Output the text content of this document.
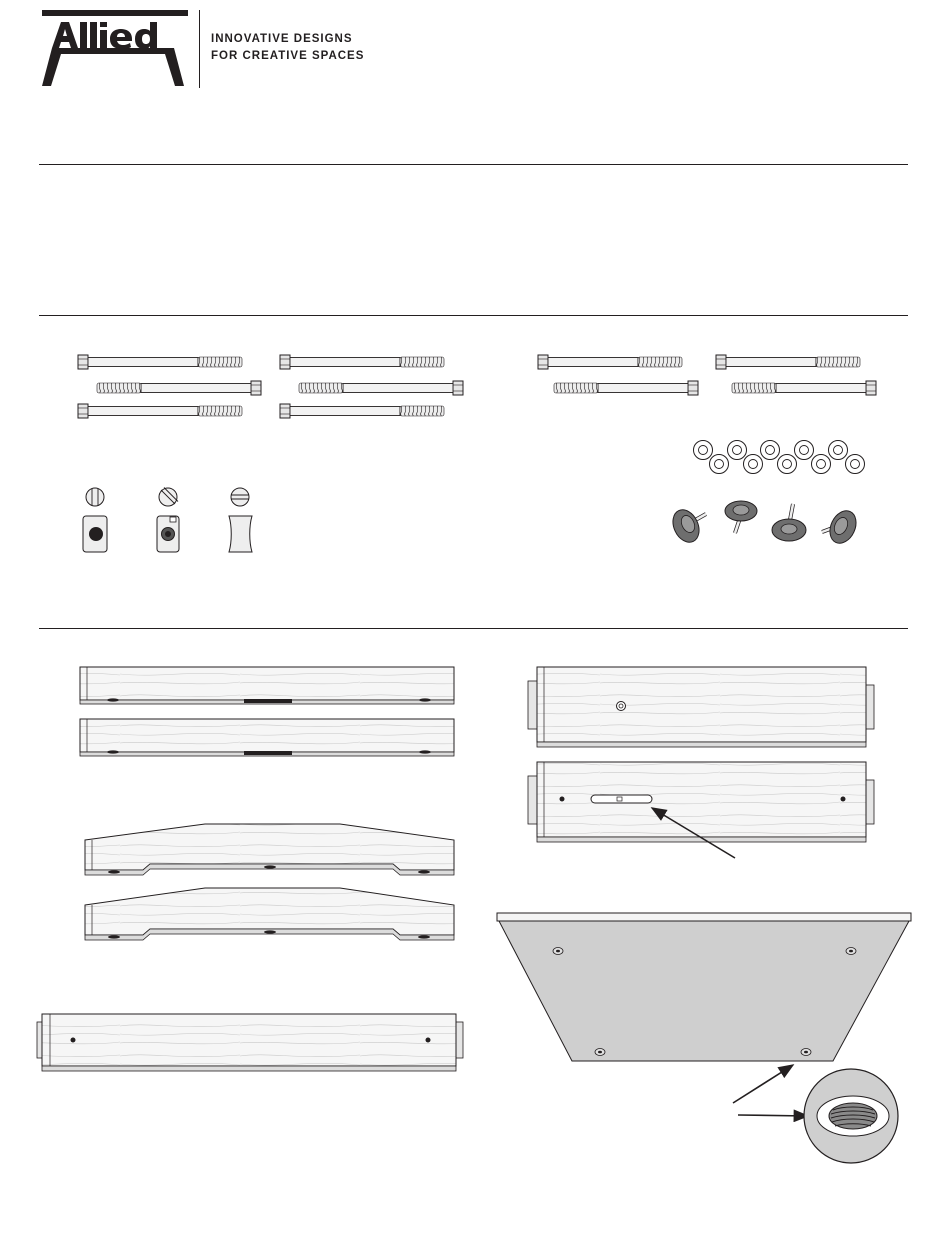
INNOVATIVE DESIGNS
FOR CREATIVE SPACES
